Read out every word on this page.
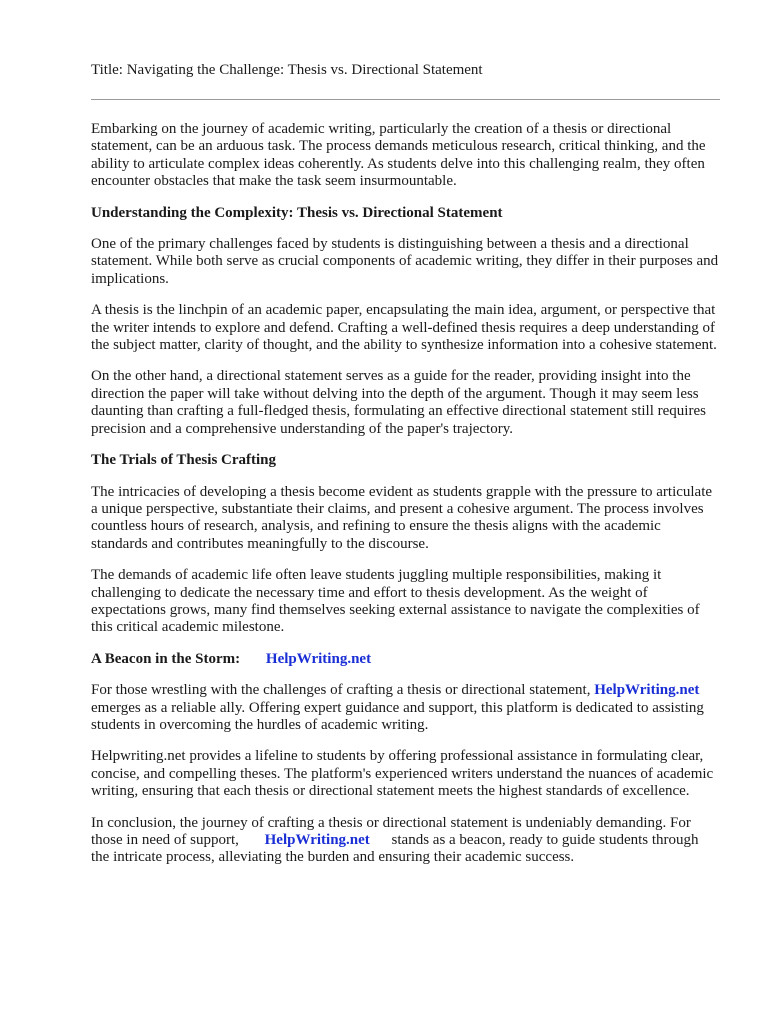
Title: Navigating the Challenge: Thesis vs. Directional Statement

Embarking on the journey of academic writing, particularly the creation of a thesis or directional statement, can be an arduous task. The process demands meticulous research, critical thinking, and the ability to articulate complex ideas coherently. As students delve into this challenging realm, they often encounter obstacles that make the task seem insurmountable.

Understanding the Complexity: Thesis vs. Directional Statement

One of the primary challenges faced by students is distinguishing between a thesis and a directional statement. While both serve as crucial components of academic writing, they differ in their purposes and implications.

A thesis is the linchpin of an academic paper, encapsulating the main idea, argument, or perspective that the writer intends to explore and defend. Crafting a well-defined thesis requires a deep understanding of the subject matter, clarity of thought, and the ability to synthesize information into a cohesive statement.

On the other hand, a directional statement serves as a guide for the reader, providing insight into the direction the paper will take without delving into the depth of the argument. Though it may seem less daunting than crafting a full-fledged thesis, formulating an effective directional statement still requires precision and a comprehensive understanding of the paper's trajectory.

The Trials of Thesis Crafting

The intricacies of developing a thesis become evident as students grapple with the pressure to articulate a unique perspective, substantiate their claims, and present a cohesive argument. The process involves countless hours of research, analysis, and refining to ensure the thesis aligns with the academic standards and contributes meaningfully to the discourse.

The demands of academic life often leave students juggling multiple responsibilities, making it challenging to dedicate the necessary time and effort to thesis development. As the weight of expectations grows, many find themselves seeking external assistance to navigate the complexities of this critical academic milestone.

A Beacon in the Storm: HelpWriting.net

For those wrestling with the challenges of crafting a thesis or directional statement, HelpWriting.net emerges as a reliable ally. Offering expert guidance and support, this platform is dedicated to assisting students in overcoming the hurdles of academic writing.

Helpwriting.net provides a lifeline to students by offering professional assistance in formulating clear, concise, and compelling theses. The platform's experienced writers understand the nuances of academic writing, ensuring that each thesis or directional statement meets the highest standards of excellence.

In conclusion, the journey of crafting a thesis or directional statement is undeniably demanding. For those in need of support, HelpWriting.net stands as a beacon, ready to guide students through the intricate process, alleviating the burden and ensuring their academic success.
